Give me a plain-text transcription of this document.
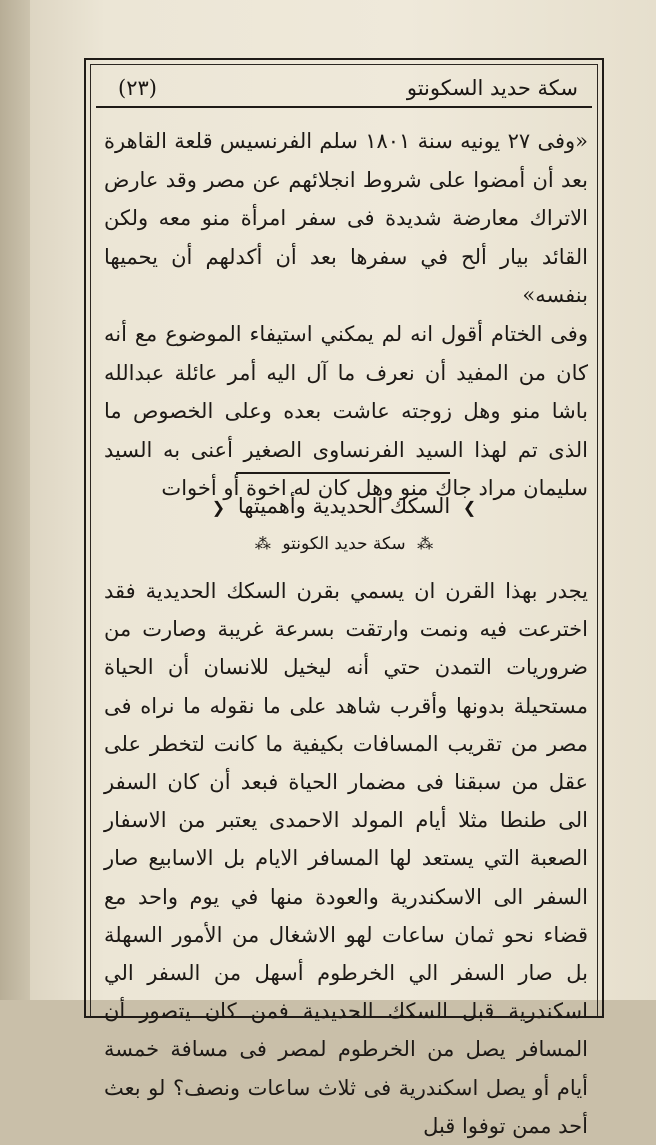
(٢٣)	سكة حديد السكونتو

«وفى ٢٧ يونيه سنة ١٨٠١ سلم الفرنسيس قلعة القاهرة بعد أن أمضوا على شروط انجلائهم عن مصر وقد عارض الاتراك معارضة شديدة فى سفر امرأة منو معه ولكن القائد بيار ألح في سفرها بعد أن أكدلهم أن يحميها بنفسه»

وفى الختام أقول انه لم يمكني استيفاء الموضوع مع أنه كان من المفيد أن نعرف ما آل اليه أمر عائلة عبدالله باشا منو وهل زوجته عاشت بعده وعلى الخصوص ما الذى تم لهذا السيد الفرنساوى الصغير أعنى به السيد سليمان مراد جاك منو وهل كان له اخوة أو أخوات

❯ السكك الحديدية وأهميتها ❮
⁂ سكة حديد الكونتو ⁂

يجدر بهذا القرن ان يسمي بقرن السكك الحديدية فقد اخترعت فيه ونمت وارتقت بسرعة غريبة وصارت من ضروريات التمدن حتي أنه ليخيل للانسان أن الحياة مستحيلة بدونها وأقرب شاهد على ما نقوله ما نراه فى مصر من تقريب المسافات بكيفية ما كانت لتخطر على عقل من سبقنا فى مضمار الحياة فبعد أن كان السفر الى طنطا مثلا أيام المولد الاحمدى يعتبر من الاسفار الصعبة التي يستعد لها المسافر الايام بل الاسابيع صار السفر الى الاسكندرية والعودة منها في يوم واحد مع قضاء نحو ثمان ساعات لهو الاشغال من الأمور السهلة بل صار السفر الي الخرطوم أسهل من السفر الي اسكندرية قبل السكك الحديدية فمن كان يتصور أن المسافر يصل من الخرطوم لمصر فى مسافة خمسة أيام أو يصل اسكندرية فى ثلاث ساعات ونصف؟ لو بعث أحد ممن توفوا قبل
